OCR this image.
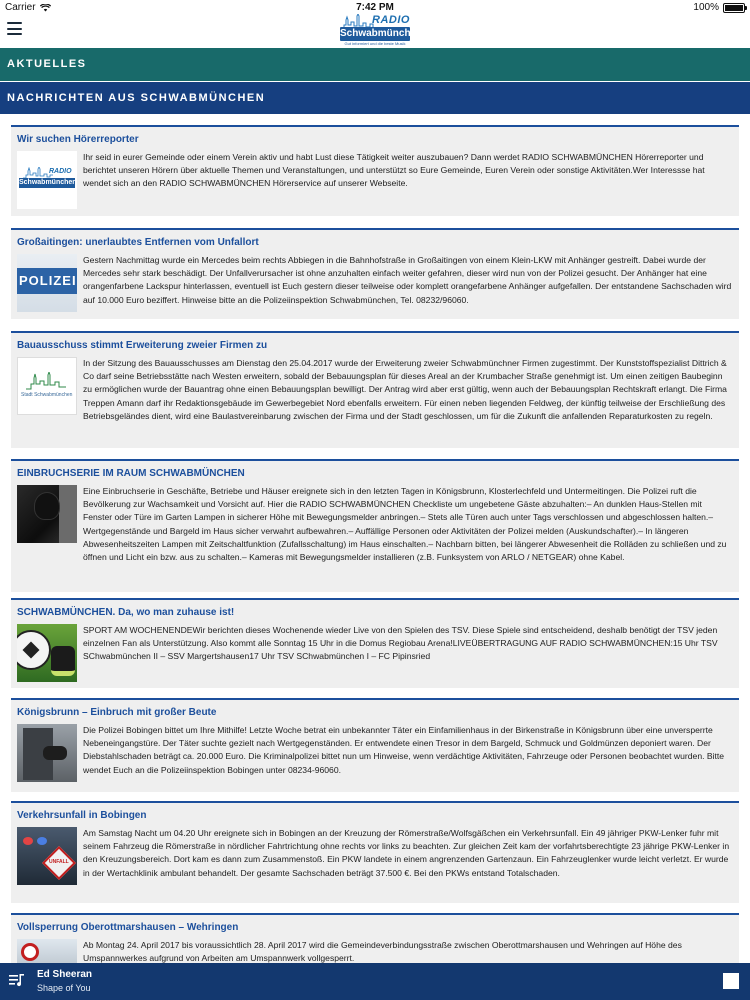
Carrier	7:42 PM	100%
RADIO
Schwabmünchen
Gut informiert und die beste Musik
AKTUELLES
NACHRICHTEN AUS SCHWABMÜNCHEN
Wir suchen Hörerreporter
RADIO
Schwabmünchen
Ihr seid in eurer Gemeinde oder einem Verein aktiv und habt Lust diese Tätigkeit weiter auszubauen? Dann werdet RADIO SCHWABMÜNCHEN Hörerreporter und berichtet unseren Hörern über aktuelle Themen und Veranstaltungen, und unterstützt so Eure Gemeinde, Euren Verein oder sonstige Aktivitäten.Wer Interessse hat wendet sich an den RADIO SCHWABMÜNCHEN Hörerservice auf unserer Webseite.
Großaitingen: unerlaubtes Entfernen vom Unfallort
POLIZEI
Gestern Nachmittag wurde ein Mercedes beim rechts Abbiegen in die Bahnhofstraße in Großaitingen von einem Klein-LKW mit Anhänger gestreift. Dabei wurde der Mercedes sehr stark beschädigt. Der Unfallverursacher ist ohne anzuhalten einfach weiter gefahren, dieser wird nun von der Polizei gesucht. Der Anhänger hat eine orangenfarbene Lackspur hinterlassen, eventuell ist Euch gestern dieser teilweise oder komplett orangefarbene Anhänger aufgefallen. Der entstandene Sachschaden wird auf 10.000 Euro beziffert. Hinweise bitte an die Polizeiinspektion Schwabmünchen, Tel. 08232/96060.
Bauausschuss stimmt Erweiterung zweier Firmen zu
Stadt Schwabmünchen
In der Sitzung des Bauausschusses am Dienstag den 25.04.2017 wurde der Erweiterung zweier Schwabmünchner Firmen zugestimmt. Der Kunststoffspezialist Dittrich & Co darf seine Betriebsstätte nach Westen erweitern, sobald der Bebauungsplan für dieses Areal an der Krumbacher Straße genehmigt ist. Um einen zeitigen Baubeginn zu ermöglichen wurde der Bauantrag ohne einen Bebauungsplan bewilligt. Der Antrag wird aber erst gültig, wenn auch der Bebauungsplan Rechtskraft erlangt. Die Firma Treppen Amann darf ihr Redaktionsgebäude im Gewerbegebiet Nord ebenfalls erweitern. Für einen neben liegenden Feldweg, der künftig teilweise der Erschließung des Betriebsgeländes dient, wird eine Baulastvereinbarung zwischen der Firma und der Stadt geschlossen, um für die Zukunft die anfallenden Reparaturkosten zu regeln.
EINBRUCHSERIE IM RAUM SCHWABMÜNCHEN
Eine Einbruchserie in Geschäfte, Betriebe und Häuser ereignete sich in den letzten Tagen in Königsbrunn, Klosterlechfeld und Untermeitingen. Die Polizei ruft die Bevölkerung zur Wachsamkeit und Vorsicht auf. Hier die RADIO SCHWABMÜNCHEN Checkliste um ungebetene Gäste abzuhalten:– An dunklen Haus-Stellen mit Fenster oder Türe im Garten Lampen in sicherer Höhe mit Bewegungsmelder anbringen.– Stets alle Türen auch unter Tags verschlossen und abgeschlossen halten.– Wertgegenstände und Bargeld im Haus sicher verwahrt aufbewahren.– Auffällige Personen oder Aktivitäten der Polizei melden (Auskundschafter).– In längeren Abwesenheitszeiten Lampen mit Zeitschaltfunktion (Zufallsschaltung) im Haus einschalten.– Nachbarn bitten, bei längerer Abwesenheit die Rolläden zu schließen und zu öffnen und Licht ein bzw. aus zu schalten.– Kameras mit Bewegungsmelder installieren (z.B. Funksystem von ARLO / NETGEAR) ohne Kabel.
SCHWABMÜNCHEN. Da, wo man zuhause ist!
SPORT AM WOCHENENDEWir berichten dieses Wochenende wieder Live von den Spielen des TSV. Diese Spiele sind entscheidend, deshalb benötigt der TSV jeden einzelnen Fan als Unterstützung. Also kommt alle Sonntag 15 Uhr in die Domus Regiobau Arena!LIVEÜBERTRAGUNG AUF RADIO SCHWABMÜNCHEN:15 Uhr TSV SChwabmünchen II – SSV Margertshausen17 Uhr TSV SChwabmünchen I – FC Pipinsried
Königsbrunn – Einbruch mit großer Beute
Die Polizei Bobingen bittet um Ihre Mithilfe! Letzte Woche betrat ein unbekannter Täter ein Einfamilienhaus in der Birkenstraße in Königsbrunn über eine unversperrte Nebeneingangstüre. Der Täter suchte gezielt nach Wertgegenständen. Er entwendete einen Tresor in dem Bargeld, Schmuck und Goldmünzen deponiert waren. Der Diebstahlschaden beträgt ca. 20.000 Euro. Die Kriminalpolizei bittet nun um Hinweise, wenn verdächtige Aktivitäten, Fahrzeuge oder Personen beobachtet wurden. Bitte wendet Euch an die Polizeiinspektion Bobingen unter 08234-96060.
Verkehrsunfall in Bobingen
UNFALL
Am Samstag Nacht um 04.20 Uhr ereignete sich in Bobingen an der Kreuzung der Römerstraße/Wolfsgäßchen ein Verkehrsunfall. Ein 49 jähriger PKW-Lenker fuhr mit seinem Fahrzeug die Römerstraße in nördlicher Fahrtrichtung ohne rechts vor links zu beachten. Zur gleichen Zeit kam der vorfahrtsberechtigte 23 jährige PKW-Lenker in den Kreuzungsbereich. Dort kam es dann zum Zusammenstoß. Ein PKW landete in einem angrenzenden Gartenzaun. Ein Fahrzeuglenker wurde leicht verletzt. Er wurde in der Wertachklinik ambulant behandelt. Der gesamte Sachschaden beträgt 37.500 €. Bei den PKWs entstand Totalschaden.
Vollsperrung Oberottmarshausen – Wehringen
Ab Montag 24. April 2017 bis voraussichtlich 28. April 2017 wird die Gemeindeverbindungsstraße zwischen Oberottmarshausen und Wehringen auf Höhe des Umspannwerkes aufgrund von Arbeiten am Umspannwerk vollgesperrt.
Ed Sheeran
Shape of You
